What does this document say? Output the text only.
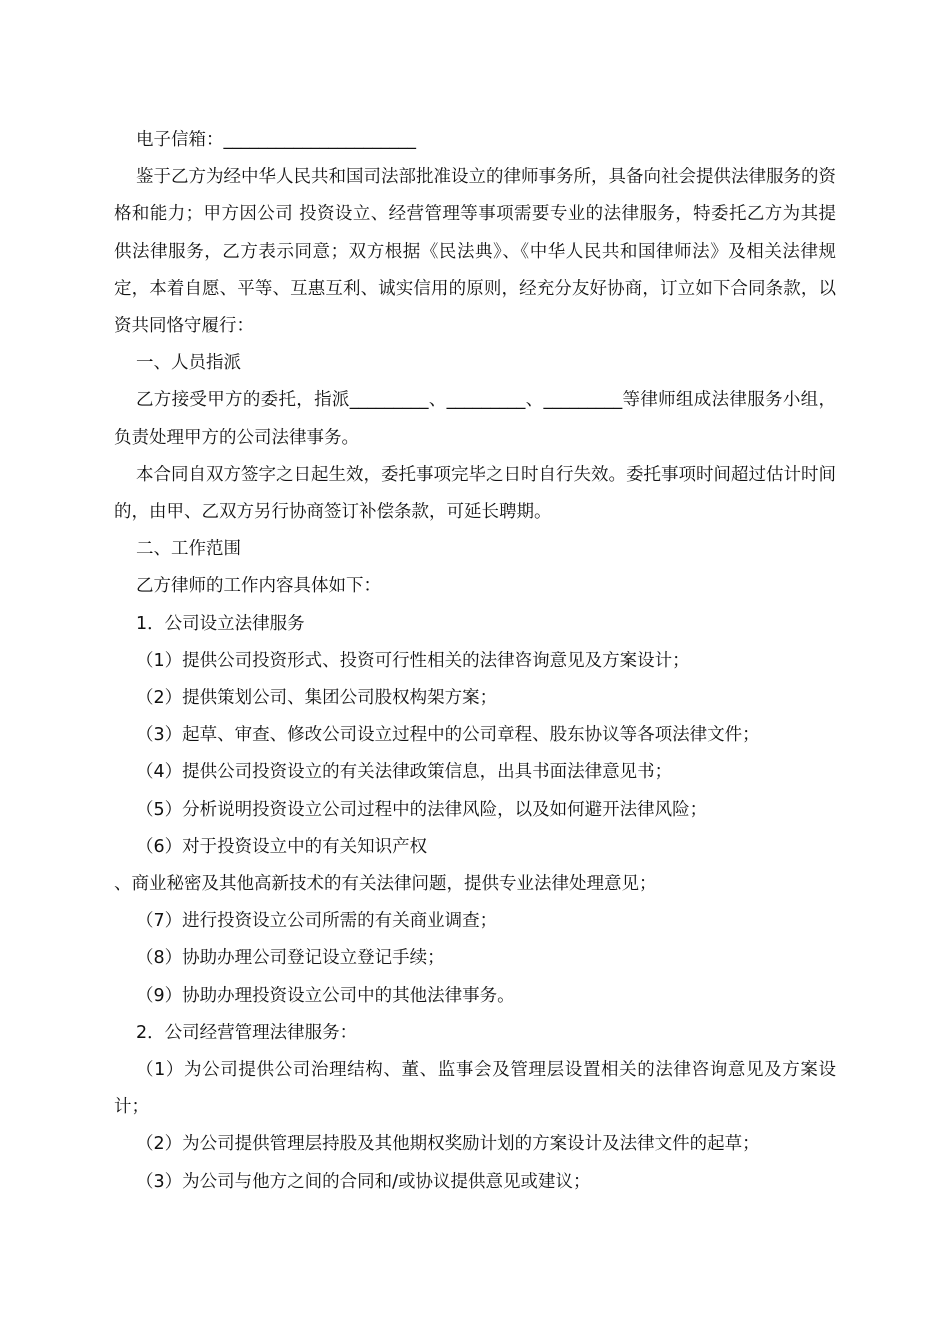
电子信箱：______________________

鉴于乙方为经中华人民共和国司法部批准设立的律师事务所，具备向社会提供法律服务的资格和能力；甲方因公司 投资设立、经营管理等事项需要专业的法律服务，特委托乙方为其提供法律服务，乙方表示同意；双方根据《民法典》、《中华人民共和国律师法》及相关法律规定，本着自愿、平等、互惠互利、诚实信用的原则，经充分友好协商，订立如下合同条款，以资共同恪守履行：

一、人员指派

乙方接受甲方的委托，指派_________、_________、_________等律师组成法律服务小组，负责处理甲方的公司法律事务。

本合同自双方签字之日起生效，委托事项完毕之日时自行失效。委托事项时间超过估计时间的，由甲、乙双方另行协商签订补偿条款，可延长聘期。

二、工作范围

乙方律师的工作内容具体如下：

1．公司设立法律服务

（1）提供公司投资形式、投资可行性相关的法律咨询意见及方案设计；

（2）提供策划公司、集团公司股权构架方案；

（3）起草、审查、修改公司设立过程中的公司章程、股东协议等各项法律文件；

（4）提供公司投资设立的有关法律政策信息，出具书面法律意见书；

（5）分析说明投资设立公司过程中的法律风险，以及如何避开法律风险；

（6）对于投资设立中的有关知识产权

、商业秘密及其他高新技术的有关法律问题，提供专业法律处理意见；

（7）进行投资设立公司所需的有关商业调查；

（8）协助办理公司登记设立登记手续；

（9）协助办理投资设立公司中的其他法律事务。

2．公司经营管理法律服务：

（1）为公司提供公司治理结构、董、监事会及管理层设置相关的法律咨询意见及方案设计；

（2）为公司提供管理层持股及其他期权奖励计划的方案设计及法律文件的起草；

（3）为公司与他方之间的合同和/或协议提供意见或建议；
